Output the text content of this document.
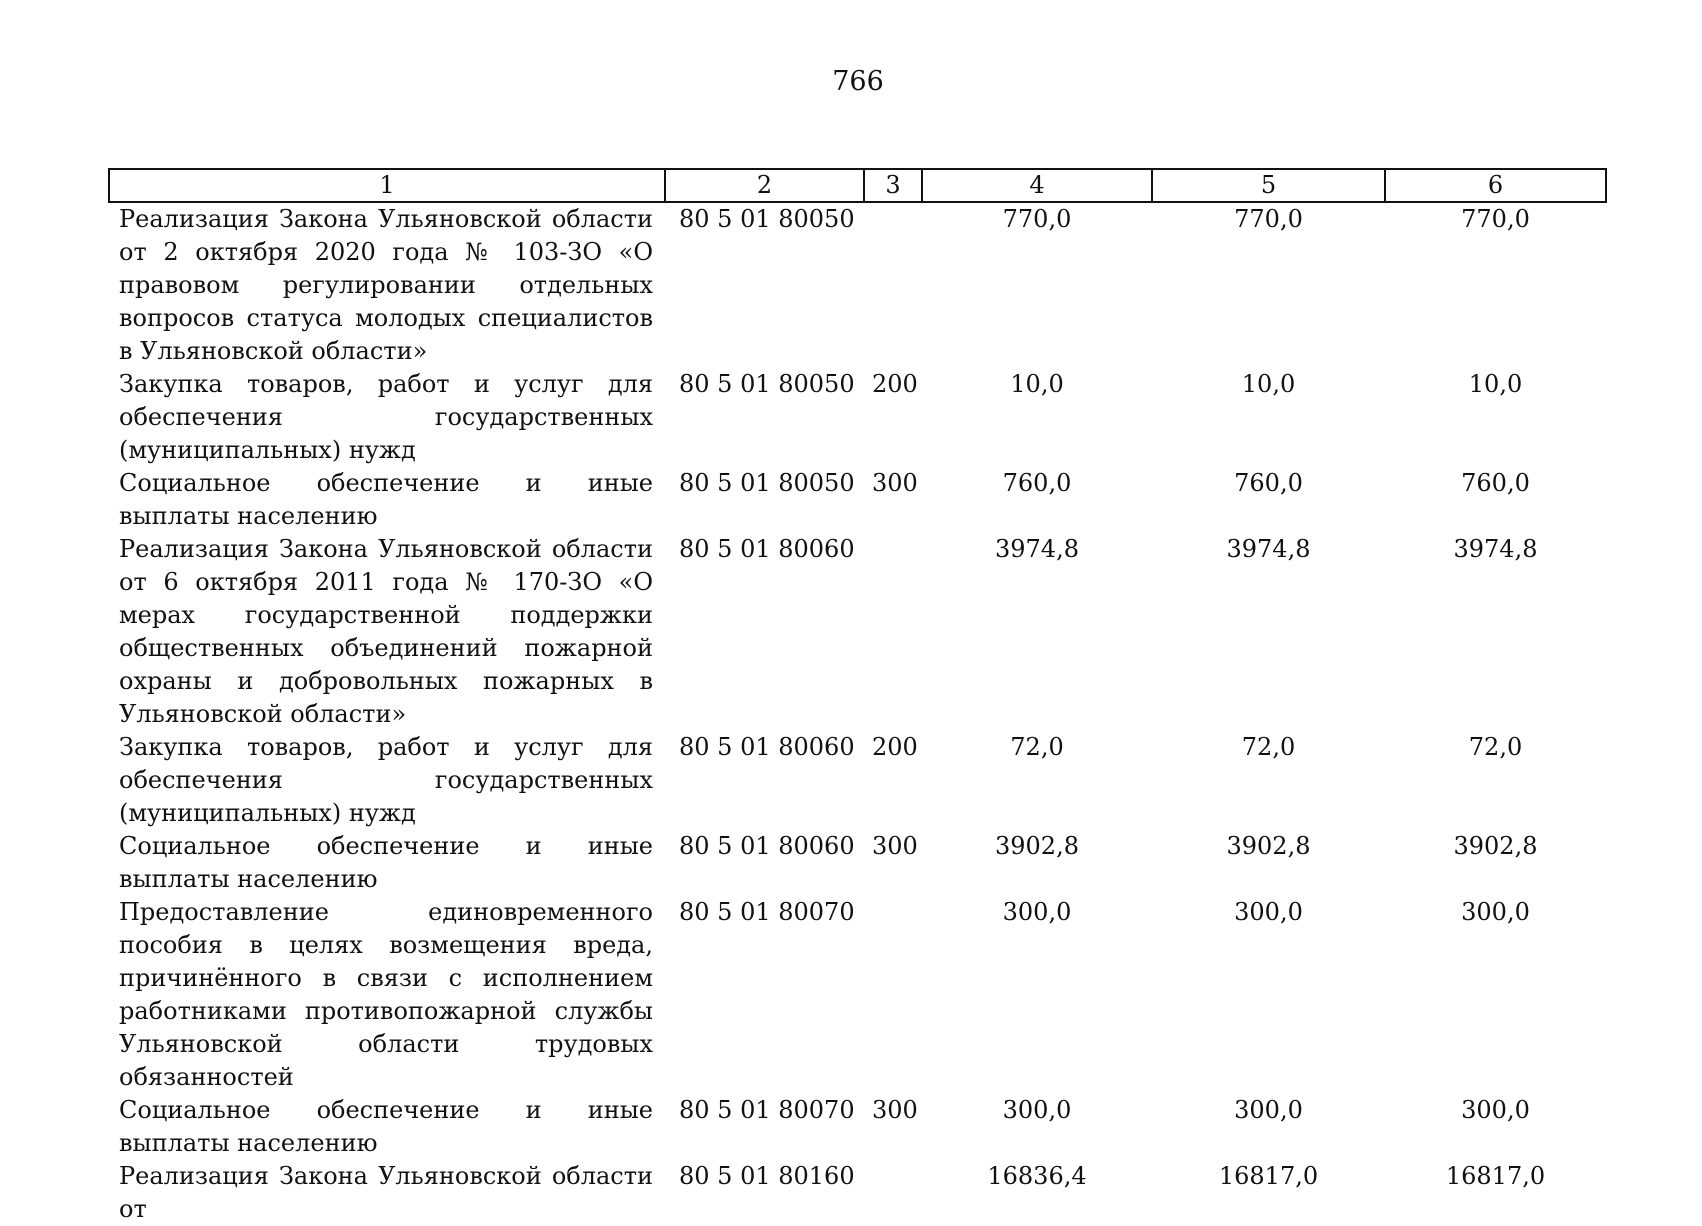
766
1	2	3	4	5	6
Реализация Закона Ульяновской области от 2 октября 2020 года № 103-ЗО «О правовом регулировании отдельных вопросов статуса молодых специалистов в Ульяновской области»	80 5 01 80050		770,0	770,0	770,0
Закупка товаров, работ и услуг для обеспечения государственных (муниципальных) нужд	80 5 01 80050	200	10,0	10,0	10,0
Социальное обеспечение и иные выплаты населению	80 5 01 80050	300	760,0	760,0	760,0
Реализация Закона Ульяновской области от 6 октября 2011 года № 170-ЗО «О мерах государственной поддержки общественных объединений пожарной охраны и добровольных пожарных в Ульяновской области»	80 5 01 80060		3974,8	3974,8	3974,8
Закупка товаров, работ и услуг для обеспечения государственных (муниципальных) нужд	80 5 01 80060	200	72,0	72,0	72,0
Социальное обеспечение и иные выплаты населению	80 5 01 80060	300	3902,8	3902,8	3902,8
Предоставление единовременного пособия в целях возмещения вреда, причинённого в связи с исполнением работниками противопожарной службы Ульяновской области трудовых обязанностей	80 5 01 80070		300,0	300,0	300,0
Социальное обеспечение и иные выплаты населению	80 5 01 80070	300	300,0	300,0	300,0
Реализация Закона Ульяновской области от	80 5 01 80160		16836,4	16817,0	16817,0
